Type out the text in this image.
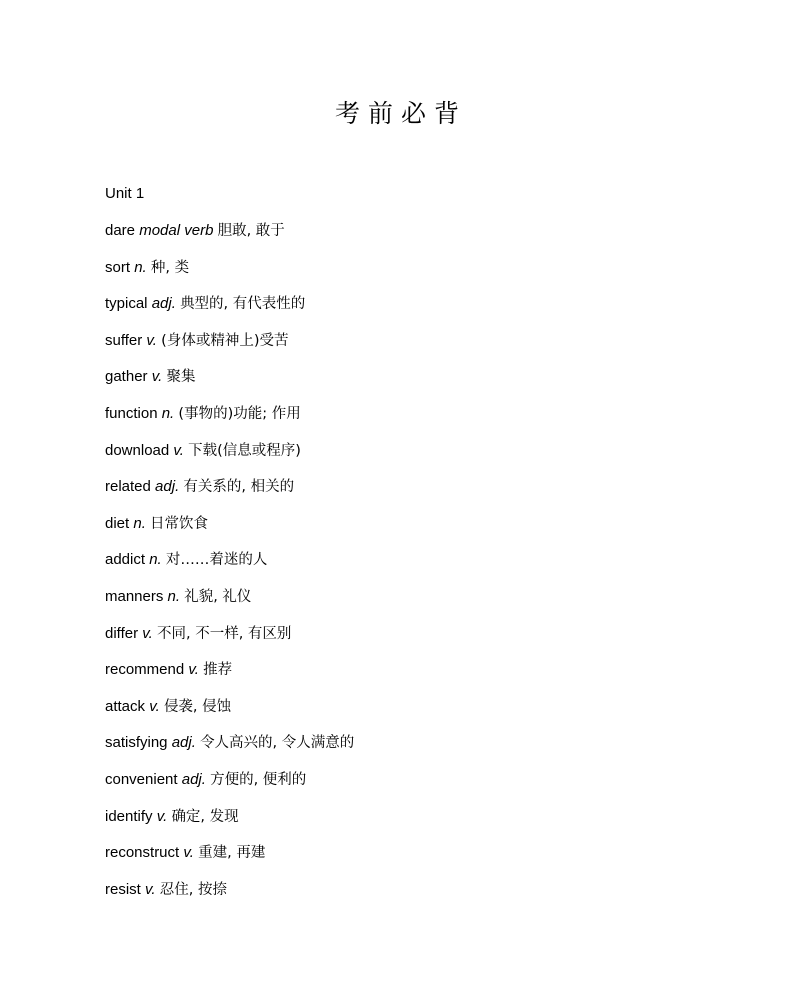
考前必背
Unit 1
dare modal verb 胆敢, 敢于
sort n. 种, 类
typical adj. 典型的, 有代表性的
suffer v. (身体或精神上)受苦
gather v. 聚集
function n. (事物的)功能; 作用
download v. 下载(信息或程序)
related adj. 有关系的, 相关的
diet n. 日常饮食
addict n. 对……着迷的人
manners n. 礼貌, 礼仪
differ v. 不同, 不一样, 有区别
recommend v. 推荐
attack v. 侵袭, 侵蚀
satisfying adj. 令人高兴的, 令人满意的
convenient adj. 方便的, 便利的
identify v. 确定, 发现
reconstruct v. 重建, 再建
resist v. 忍住, 按捺
